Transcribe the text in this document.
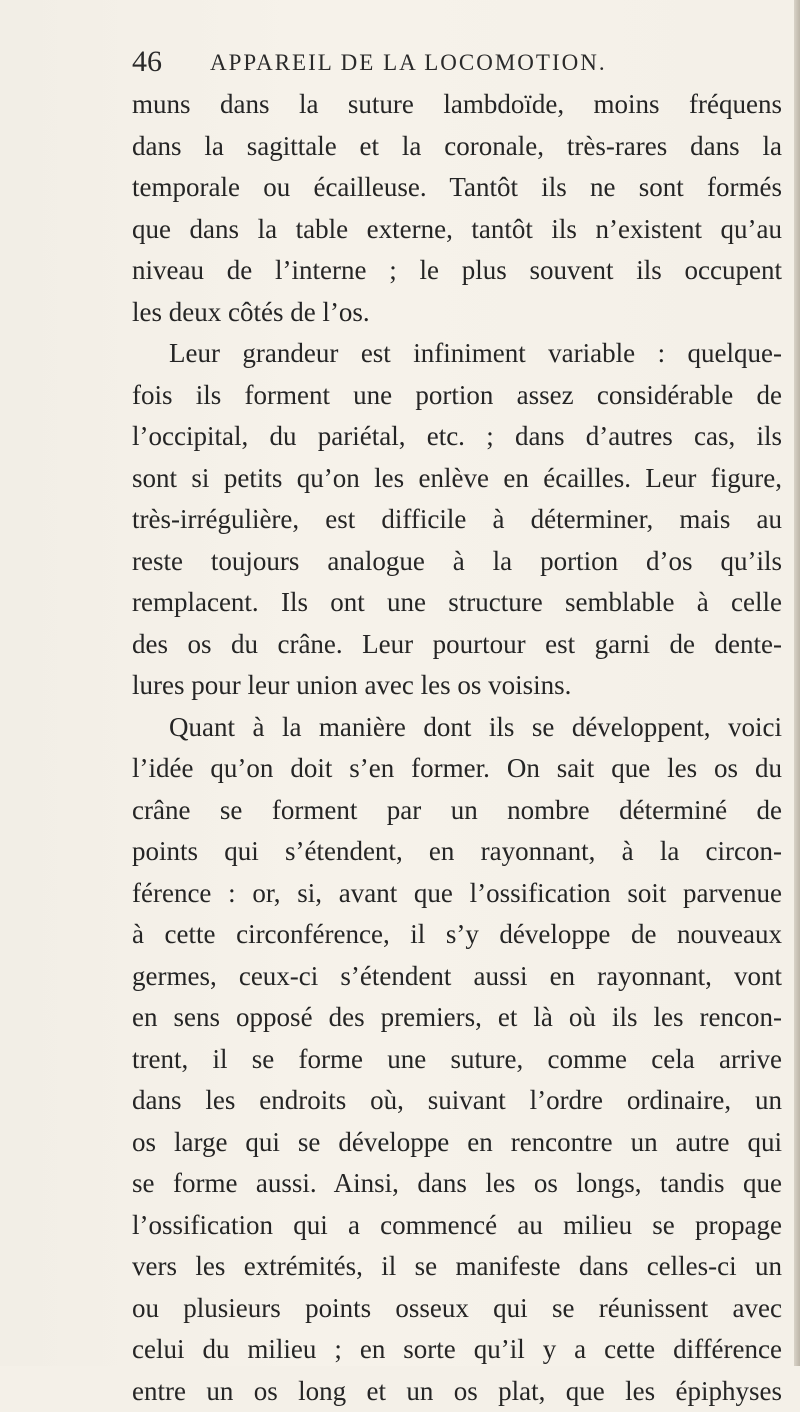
46 APPAREIL DE LA LOCOMOTION.
muns dans la suture lambdoïde, moins fréquens
dans la sagittale et la coronale, très-rares dans la
temporale ou écailleuse. Tantôt ils ne sont formés
que dans la table externe, tantôt ils n’existent qu’au
niveau de l’interne ; le plus souvent ils occupent
les deux côtés de l’os.
Leur grandeur est infiniment variable : quelque-
fois ils forment une portion assez considérable de
l’occipital, du pariétal, etc. ; dans d’autres cas, ils
sont si petits qu’on les enlève en écailles. Leur figure,
très-irrégulière, est difficile à déterminer, mais au
reste toujours analogue à la portion d’os qu’ils
remplacent. Ils ont une structure semblable à celle
des os du crâne. Leur pourtour est garni de dente-
lures pour leur union avec les os voisins.
Quant à la manière dont ils se développent, voici
l’idée qu’on doit s’en former. On sait que les os du
crâne se forment par un nombre déterminé de
points qui s’étendent, en rayonnant, à la circon-
férence : or, si, avant que l’ossification soit parvenue
à cette circonférence, il s’y développe de nouveaux
germes, ceux-ci s’étendent aussi en rayonnant, vont
en sens opposé des premiers, et là où ils les rencon-
trent, il se forme une suture, comme cela arrive
dans les endroits où, suivant l’ordre ordinaire, un
os large qui se développe en rencontre un autre qui
se forme aussi. Ainsi, dans les os longs, tandis que
l’ossification qui a commencé au milieu se propage
vers les extrémités, il se manifeste dans celles-ci un
ou plusieurs points osseux qui se réunissent avec
celui du milieu ; en sorte qu’il y a cette différence
entre un os long et un os plat, que les épiphyses
